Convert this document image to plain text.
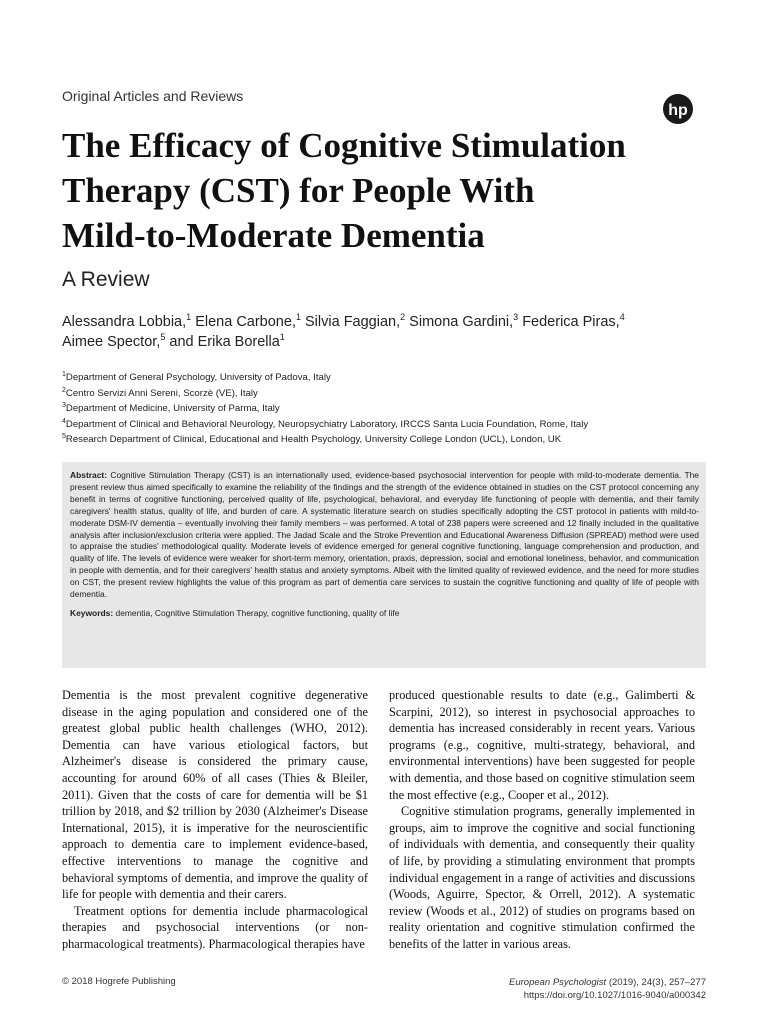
Original Articles and Reviews
hp
The Efficacy of Cognitive Stimulation
Therapy (CST) for People With
Mild-to-Moderate Dementia
A Review
Alessandra Lobbia,$^1$ Elena Carbone,$^1$ Silvia Faggian,$^2$ Simona Gardini,$^3$ Federica Piras,$^4$
Aimee Spector,$^5$ and Erika Borella$^1$
$^1$Department of General Psychology, University of Padova, Italy
$^2$Centro Servizi Anni Sereni, Scorzè (VE), Italy
$^3$Department of Medicine, University of Parma, Italy
$^4$Department of Clinical and Behavioral Neurology, Neuropsychiatry Laboratory, IRCCS Santa Lucia Foundation, Rome, Italy
$^5$Research Department of Clinical, Educational and Health Psychology, University College London (UCL), London, UK
Abstract: Cognitive Stimulation Therapy (CST) is an internationally used, evidence-based psychosocial intervention for people with mild-to-moderate dementia. The present review thus aimed specifically to examine the reliability of the findings and the strength of the evidence obtained in studies on the CST protocol concerning any benefit in terms of cognitive functioning, perceived quality of life, psychological, behavioral, and everyday life functioning of people with dementia, and their family caregivers' health status, quality of life, and burden of care. A systematic literature search on studies specifically adopting the CST protocol in patients with mild-to-moderate DSM-IV dementia – eventually involving their family members – was performed. A total of 238 papers were screened and 12 finally included in the qualitative analysis after inclusion/exclusion criteria were applied. The Jadad Scale and the Stroke Prevention and Educational Awareness Diffusion (SPREAD) method were used to appraise the studies' methodological quality. Moderate levels of evidence emerged for general cognitive functioning, language comprehension and production, and quality of life. The levels of evidence were weaker for short-term memory, orientation, praxis, depression, social and emotional loneliness, behavior, and communication in people with dementia, and for their caregivers' health status and anxiety symptoms. Albeit with the limited quality of reviewed evidence, and the need for more studies on CST, the present review highlights the value of this program as part of dementia care services to sustain the cognitive functioning and quality of life of people with dementia.
Keywords: dementia, Cognitive Stimulation Therapy, cognitive functioning, quality of life

Dementia is the most prevalent cognitive degenerative disease in the aging population and considered one of the greatest global public health challenges (WHO, 2012). Dementia can have various etiological factors, but Alzheimer's disease is considered the primary cause, accounting for around 60% of all cases (Thies & Bleiler, 2011). Given that the costs of care for dementia will be $1 trillion by 2018, and $2 trillion by 2030 (Alzheimer's Disease International, 2015), it is imperative for the neuroscientific approach to dementia care to implement evidence-based, effective interventions to manage the cognitive and behavioral symptoms of dementia, and improve the quality of life for people with dementia and their carers.

Treatment options for dementia include pharmacological therapies and psychosocial interventions (or non-pharmacological treatments). Pharmacological therapies have

produced questionable results to date (e.g., Galimberti & Scarpini, 2012), so interest in psychosocial approaches to dementia has increased considerably in recent years. Various programs (e.g., cognitive, multi-strategy, behavioral, and environmental interventions) have been suggested for people with dementia, and those based on cognitive stimulation seem the most effective (e.g., Cooper et al., 2012).

Cognitive stimulation programs, generally implemented in groups, aim to improve the cognitive and social functioning of individuals with dementia, and consequently their quality of life, by providing a stimulating environment that prompts individual engagement in a range of activities and discussions (Woods, Aguirre, Spector, & Orrell, 2012). A systematic review (Woods et al., 2012) of studies on programs based on reality orientation and cognitive stimulation confirmed the benefits of the latter in various areas.

© 2018 Hogrefe Publishing	European Psychologist (2019), 24(3), 257–277
https://doi.org/10.1027/1016-9040/a000342
